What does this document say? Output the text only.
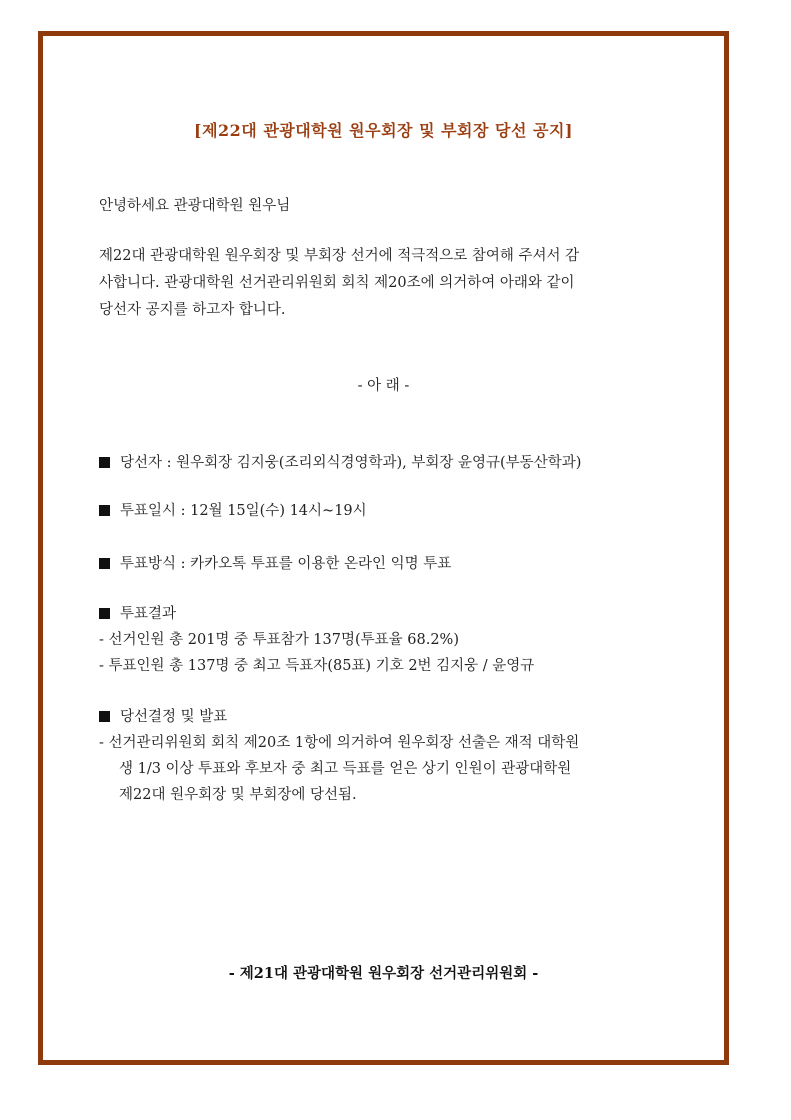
[제22대 관광대학원 원우회장 및 부회장 당선 공지]
안녕하세요 관광대학원 원우님
제22대 관광대학원 원우회장 및 부회장 선거에 적극적으로 참여해 주셔서 감
사합니다. 관광대학원 선거관리위원회 회칙 제20조에 의거하여 아래와 같이
당선자 공지를 하고자 합니다.
- 아 래 -
당선자 : 원우회장 김지웅(조리외식경영학과), 부회장 윤영규(부동산학과)
투표일시 : 12월 15일(수) 14시~19시
투표방식 : 카카오톡 투표를 이용한 온라인 익명 투표
투표결과
- 선거인원 총 201명 중 투표참가 137명(투표율 68.2%)
- 투표인원 총 137명 중 최고 득표자(85표) 기호 2번 김지웅 / 윤영규
당선결정 및 발표
- 선거관리위원회 회칙 제20조 1항에 의거하여 원우회장 선출은 재적 대학원
생 1/3 이상 투표와 후보자 중 최고 득표를 얻은 상기 인원이 관광대학원
제22대 원우회장 및 부회장에 당선됨.
- 제21대 관광대학원 원우회장 선거관리위원회 -
